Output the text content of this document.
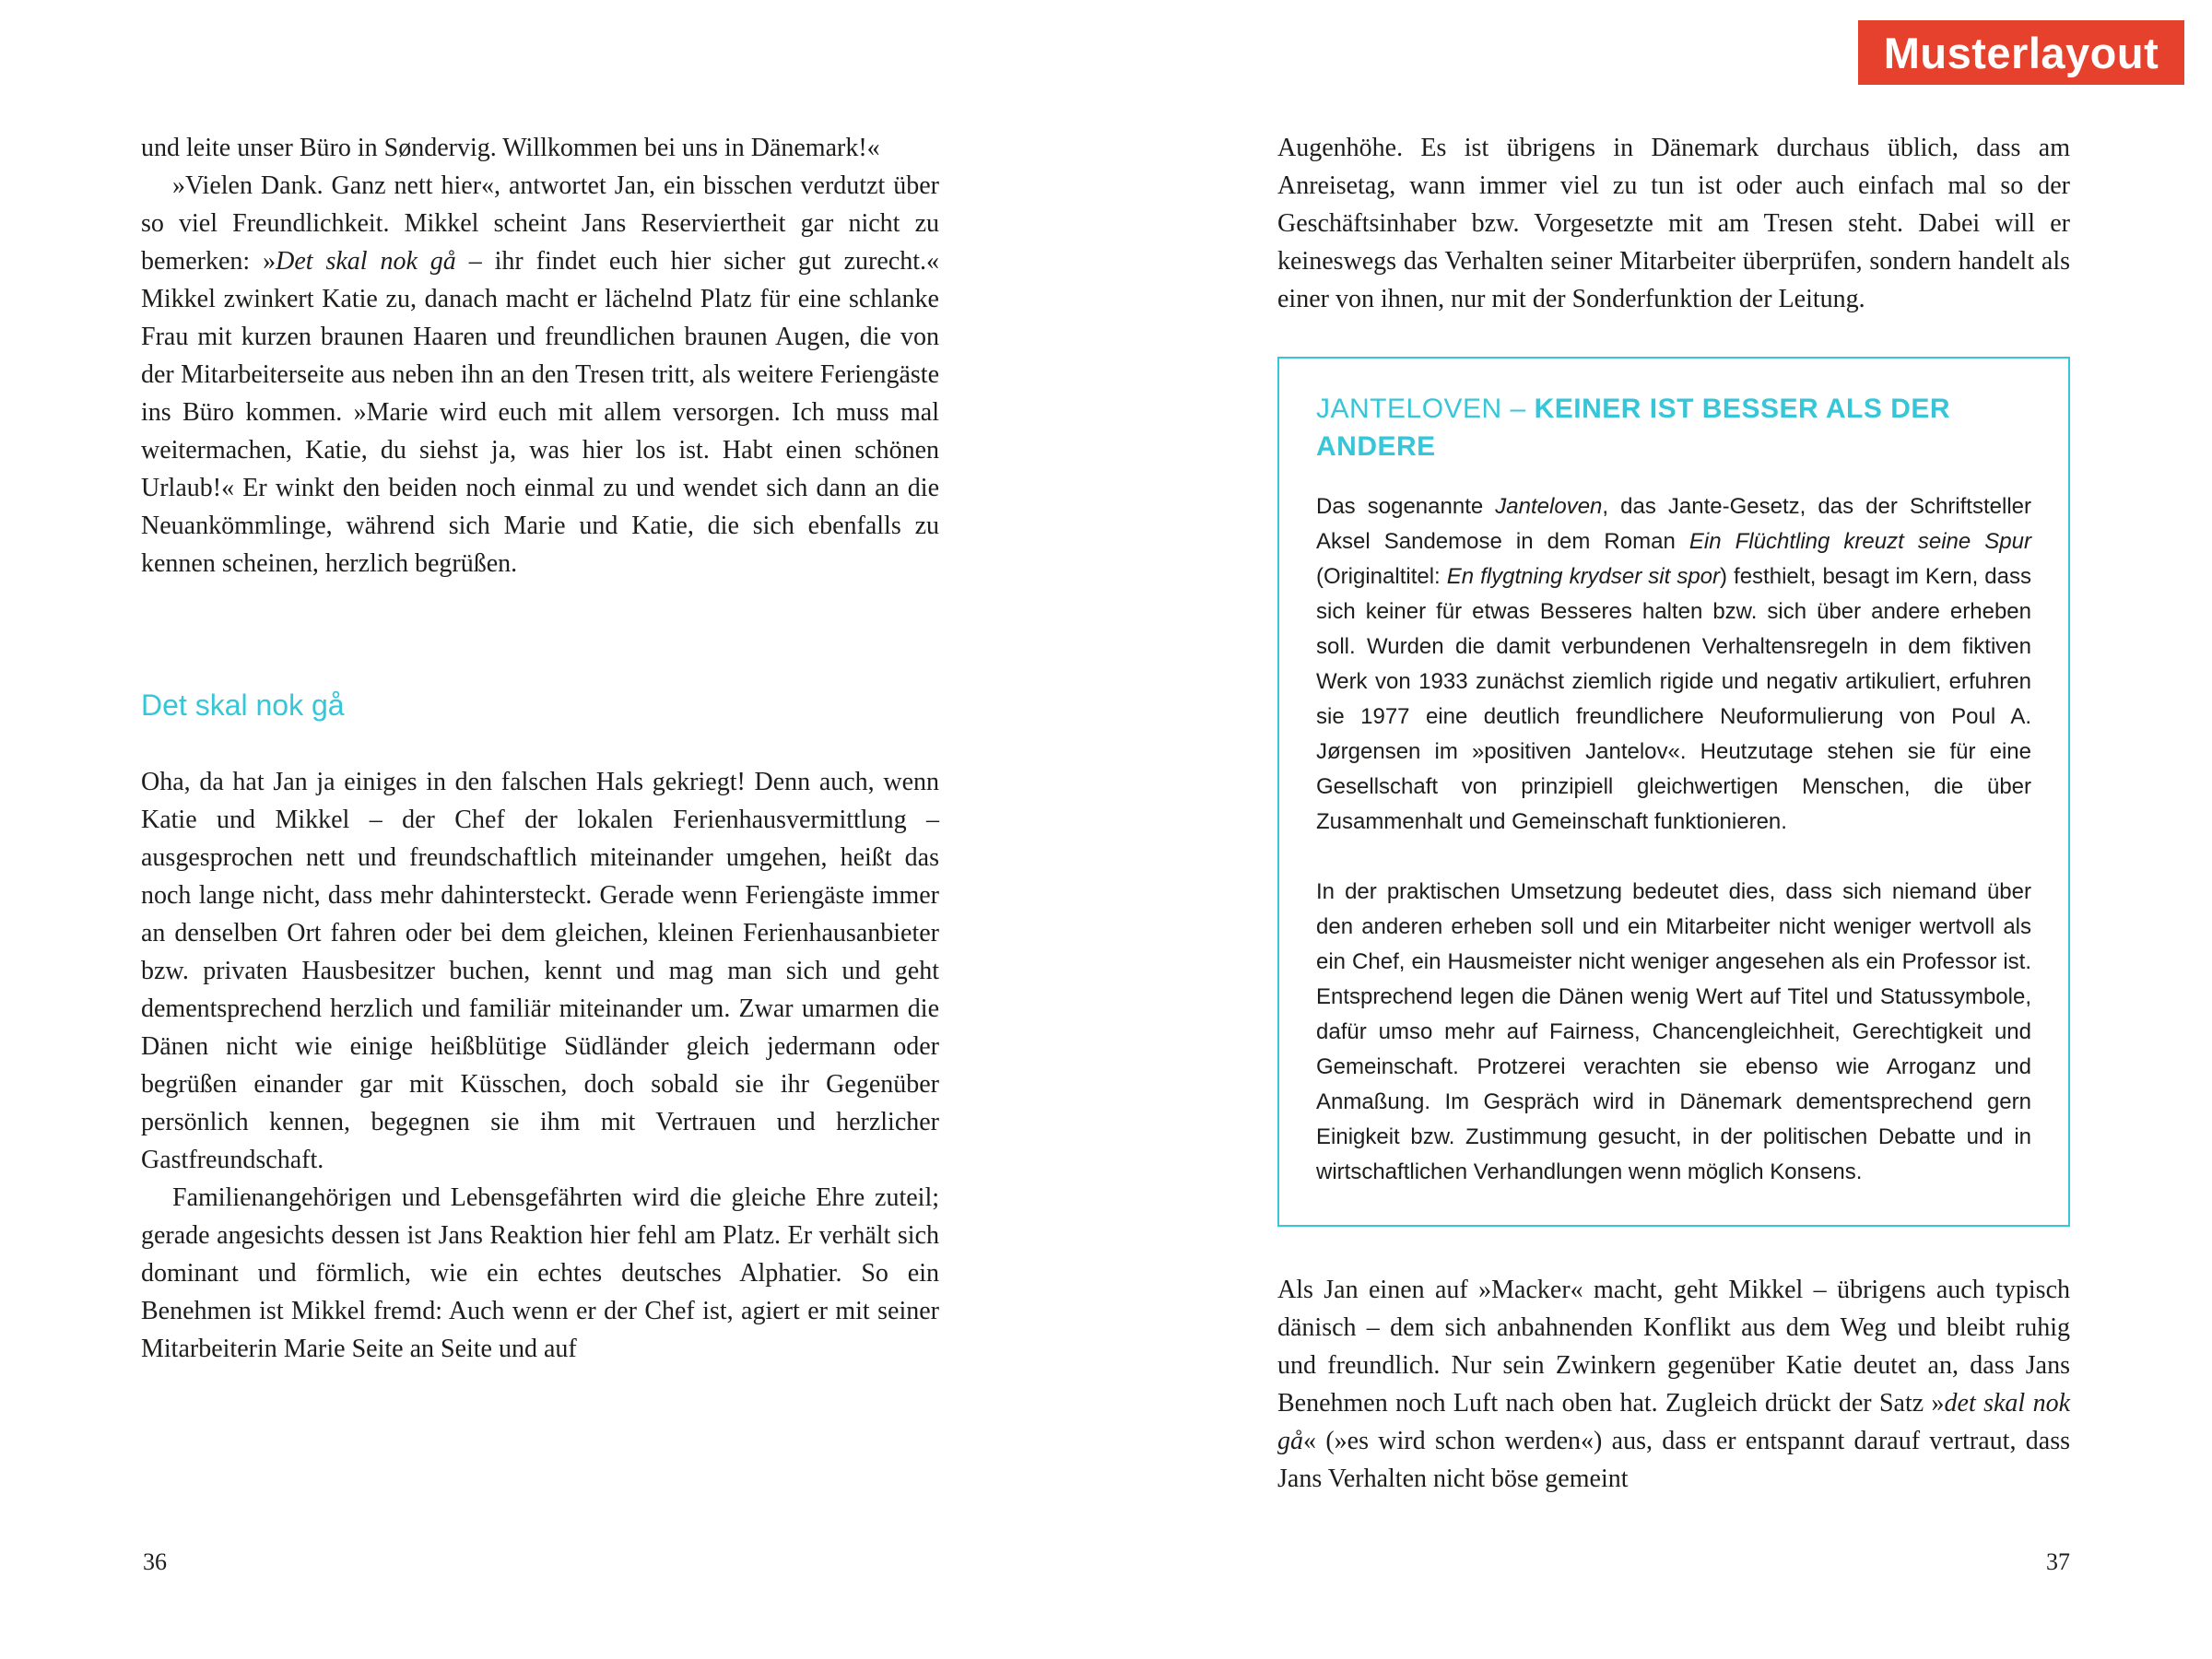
Musterlayout

und leite unser Büro in Søndervig. Willkommen bei uns in Dänemark!«

»Vielen Dank. Ganz nett hier«, antwortet Jan, ein bisschen verdutzt über so viel Freundlichkeit. Mikkel scheint Jans Reserviertheit gar nicht zu bemerken: »Det skal nok gå – ihr findet euch hier sicher gut zurecht.« Mikkel zwinkert Katie zu, danach macht er lächelnd Platz für eine schlanke Frau mit kurzen braunen Haaren und freundlichen braunen Augen, die von der Mitarbeiterseite aus neben ihn an den Tresen tritt, als weitere Feriengäste ins Büro kommen. »Marie wird euch mit allem versorgen. Ich muss mal weitermachen, Katie, du siehst ja, was hier los ist. Habt einen schönen Urlaub!« Er winkt den beiden noch einmal zu und wendet sich dann an die Neuankömmlinge, während sich Marie und Katie, die sich ebenfalls zu kennen scheinen, herzlich begrüßen.

Det skal nok gå

Oha, da hat Jan ja einiges in den falschen Hals gekriegt! Denn auch, wenn Katie und Mikkel – der Chef der lokalen Ferienhausvermittlung – ausgesprochen nett und freundschaftlich miteinander umgehen, heißt das noch lange nicht, dass mehr dahintersteckt. Gerade wenn Feriengäste immer an denselben Ort fahren oder bei dem gleichen, kleinen Ferienhausanbieter bzw. privaten Hausbesitzer buchen, kennt und mag man sich und geht dementsprechend herzlich und familiär miteinander um. Zwar umarmen die Dänen nicht wie einige heißblütige Südländer gleich jedermann oder begrüßen einander gar mit Küsschen, doch sobald sie ihr Gegenüber persönlich kennen, begegnen sie ihm mit Vertrauen und herzlicher Gastfreundschaft.

Familienangehörigen und Lebensgefährten wird die gleiche Ehre zuteil; gerade angesichts dessen ist Jans Reaktion hier fehl am Platz. Er verhält sich dominant und förmlich, wie ein echtes deutsches Alphatier. So ein Benehmen ist Mikkel fremd: Auch wenn er der Chef ist, agiert er mit seiner Mitarbeiterin Marie Seite an Seite und auf

Augenhöhe. Es ist übrigens in Dänemark durchaus üblich, dass am Anreisetag, wann immer viel zu tun ist oder auch einfach mal so der Geschäftsinhaber bzw. Vorgesetzte mit am Tresen steht. Dabei will er keineswegs das Verhalten seiner Mitarbeiter überprüfen, sondern handelt als einer von ihnen, nur mit der Sonderfunktion der Leitung.

JANTELOVEN – KEINER IST BESSER ALS DER ANDERE

Das sogenannte Janteloven, das Jante-Gesetz, das der Schriftsteller Aksel Sandemose in dem Roman Ein Flüchtling kreuzt seine Spur (Originaltitel: En flygtning krydser sit spor) festhielt, besagt im Kern, dass sich keiner für etwas Besseres halten bzw. sich über andere erheben soll. Wurden die damit verbundenen Verhaltensregeln in dem fiktiven Werk von 1933 zunächst ziemlich rigide und negativ artikuliert, erfuhren sie 1977 eine deutlich freundlichere Neuformulierung von Poul A. Jørgensen im »positiven Jantelov«. Heutzutage stehen sie für eine Gesellschaft von prinzipiell gleichwertigen Menschen, die über Zusammenhalt und Gemeinschaft funktionieren.

In der praktischen Umsetzung bedeutet dies, dass sich niemand über den anderen erheben soll und ein Mitarbeiter nicht weniger wertvoll als ein Chef, ein Hausmeister nicht weniger angesehen als ein Professor ist. Entsprechend legen die Dänen wenig Wert auf Titel und Statussymbole, dafür umso mehr auf Fairness, Chancengleichheit, Gerechtigkeit und Gemeinschaft. Protzerei verachten sie ebenso wie Arroganz und Anmaßung. Im Gespräch wird in Dänemark dementsprechend gern Einigkeit bzw. Zustimmung gesucht, in der politischen Debatte und in wirtschaftlichen Verhandlungen wenn möglich Konsens.

Als Jan einen auf »Macker« macht, geht Mikkel – übrigens auch typisch dänisch – dem sich anbahnenden Konflikt aus dem Weg und bleibt ruhig und freundlich. Nur sein Zwinkern gegenüber Katie deutet an, dass Jans Benehmen noch Luft nach oben hat. Zugleich drückt der Satz »det skal nok gå« (»es wird schon werden«) aus, dass er entspannt darauf vertraut, dass Jans Verhalten nicht böse gemeint

36	37
